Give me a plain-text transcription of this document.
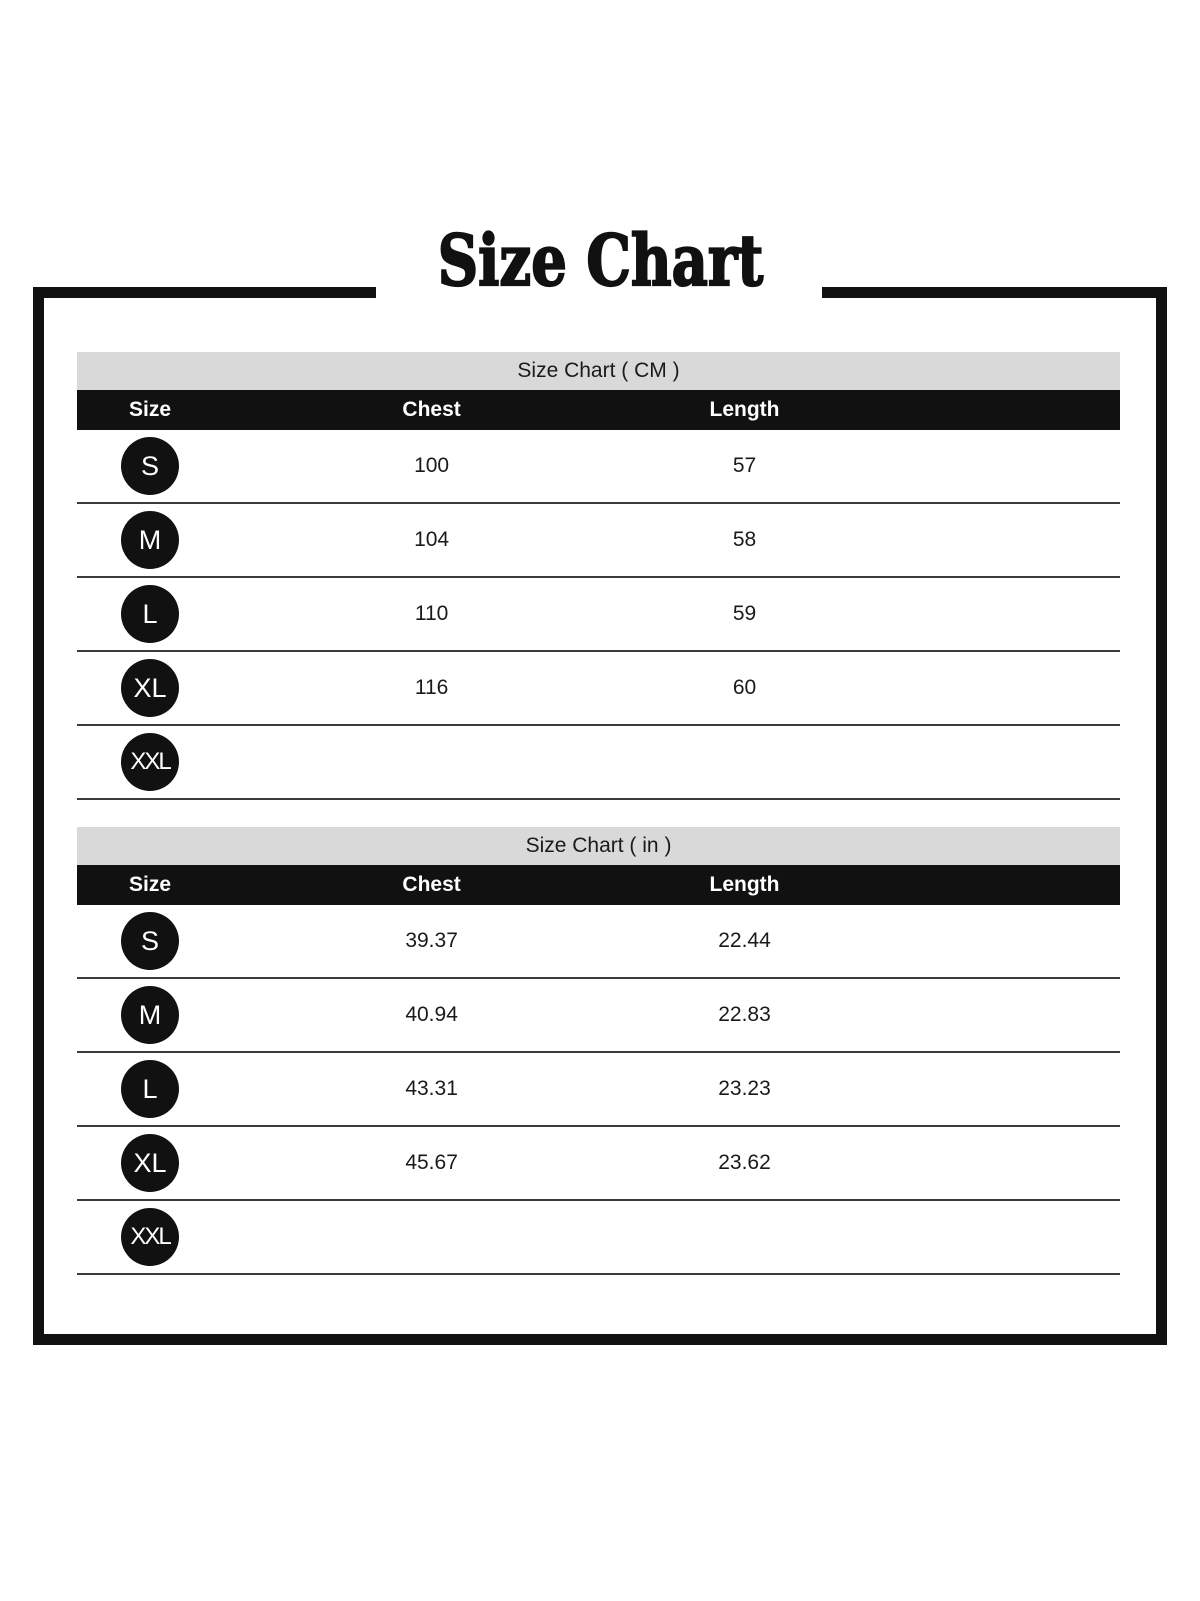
Size Chart
Size Chart ( CM )
Size	Chest	Length
S	100	57
M	104	58
L	110	59
XL	116	60
XXL
Size Chart ( in )
Size	Chest	Length
S	39.37	22.44
M	40.94	22.83
L	43.31	23.23
XL	45.67	23.62
XXL
